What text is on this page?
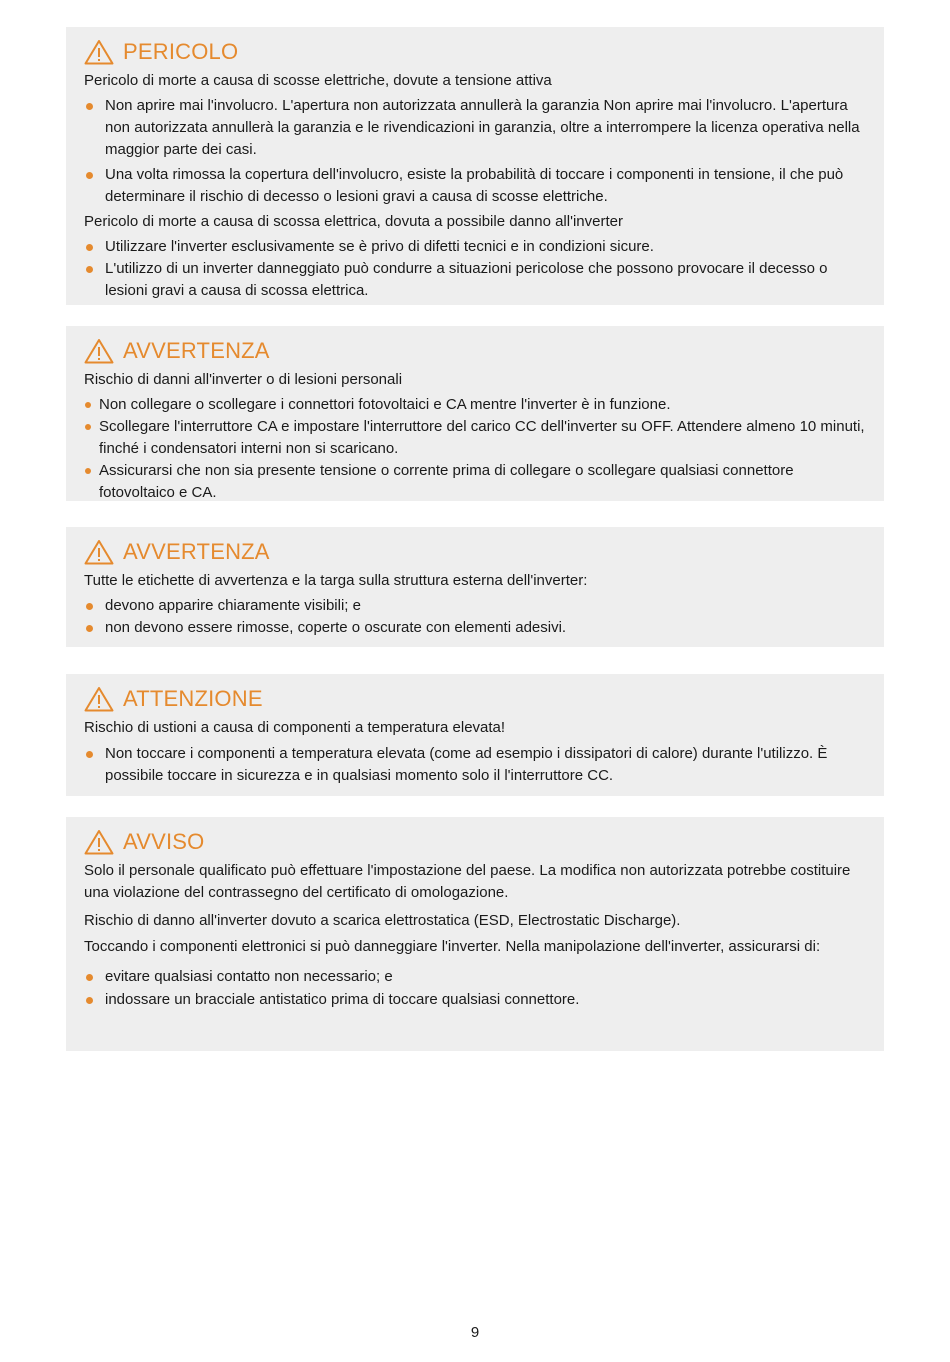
PERICOLO
Pericolo di morte a causa di scosse elettriche, dovute a tensione attiva
Non aprire mai l'involucro. L'apertura non autorizzata annullerà la garanzia Non aprire mai l'involucro. L'apertura non autorizzata annullerà la garanzia e le rivendicazioni in garanzia, oltre a interrompere la licenza operativa nella maggior parte dei casi.
Una volta rimossa la copertura dell'involucro, esiste la probabilità di toccare i componenti in tensione, il che può determinare il rischio di decesso o lesioni gravi a causa di scosse elettriche.
Pericolo di morte a causa di scossa elettrica, dovuta a possibile danno all'inverter
Utilizzare l'inverter esclusivamente se è privo di difetti tecnici e in condizioni sicure.
L'utilizzo di un inverter danneggiato può condurre a situazioni pericolose che possono provocare il decesso o lesioni gravi a causa di scossa elettrica.
AVVERTENZA
Rischio di danni all'inverter o di lesioni personali
Non collegare o scollegare i connettori fotovoltaici e CA mentre l'inverter è in funzione.
Scollegare l'interruttore CA e impostare l'interruttore del carico CC dell'inverter su OFF. Attendere almeno 10 minuti, finché i condensatori interni non si scaricano.
Assicurarsi che non sia presente tensione o corrente prima di collegare o scollegare qualsiasi connettore fotovoltaico e CA.
AVVERTENZA
Tutte le etichette di avvertenza e la targa sulla struttura esterna dell'inverter:
devono apparire chiaramente visibili; e
non devono essere rimosse, coperte o oscurate con elementi adesivi.
ATTENZIONE
Rischio di ustioni a causa di componenti a temperatura elevata!
Non toccare i componenti a temperatura elevata (come ad esempio i dissipatori di calore) durante l'utilizzo. È possibile toccare in sicurezza e in qualsiasi momento solo il l'interruttore CC.
AVVISO
Solo il personale qualificato può effettuare l'impostazione del paese. La modifica non autorizzata potrebbe costituire una violazione del contrassegno del certificato di omologazione.
Rischio di danno all'inverter dovuto a scarica elettrostatica (ESD, Electrostatic Discharge).
Toccando i componenti elettronici si può danneggiare l'inverter. Nella manipolazione dell'inverter, assicurarsi di:
evitare qualsiasi contatto non necessario; e
indossare un bracciale antistatico prima di toccare qualsiasi connettore.
9
